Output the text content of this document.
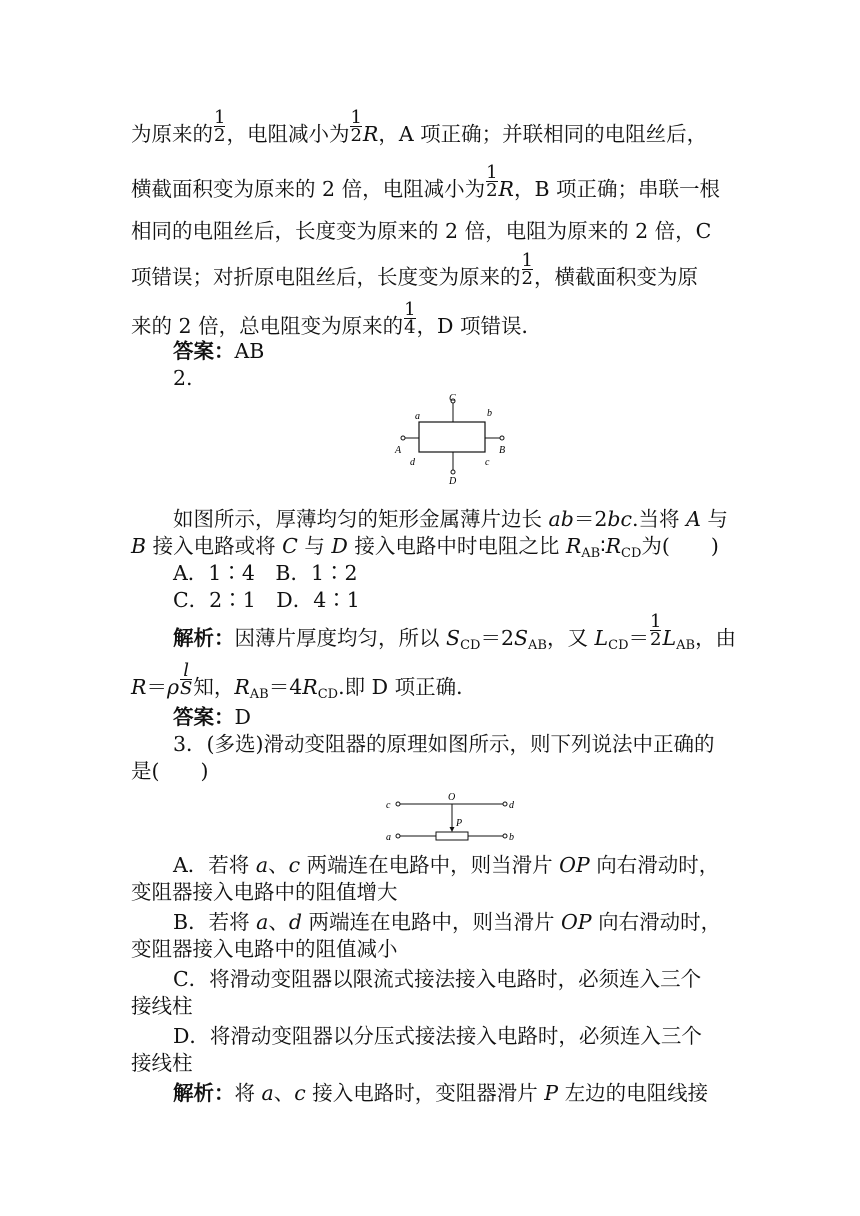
为原来的 $\frac{1}{2}$ ，电阻减小为 $\frac{1}{2}$ R，A 项正确；并联相同的电阻丝后，
横截面积变为原来的 2 倍，电阻减小为 $\frac{1}{2}$ R，B 项正确；串联一根
相同的电阻丝后，长度变为原来的 2 倍，电阻为原来的 2 倍，C
项错误；对折原电阻丝后，长度变为原来的 $\frac{1}{2}$ ，横截面积变为原
来的 2 倍，总电阻变为原来的 $\frac{1}{4}$ ，D 项错误．
答案：AB
2.
C
D
A	B
a	b
c
d
如图所示，厚薄均匀的矩形金属薄片边长 ab＝2bc.当将 A 与
B 接入电路或将 C 与 D 接入电路中时电阻之比 $R_{AB}∶R_{CD}$为(　　)
A．1∶4　B．1∶2
C．2∶1　D．4∶1
解析：因薄片厚度均匀，所以 $S_{CD}=2S_{AB}$，又 $L_{CD}= \frac{1}{2} L_{AB}$，由
$R=\rho \frac{l}{S}$ 知，$R_{AB}=4R_{CD}$.即 D 项正确．
答案：D
3．(多选)滑动变阻器的原理如图所示，则下列说法中正确的
是(　　)
O
P
c	d
a	b
A．若将 a、c 两端连在电路中，则当滑片 OP 向右滑动时，
变阻器接入电路中的阻值增大
B．若将 a、d 两端连在电路中，则当滑片 OP 向右滑动时，
变阻器接入电路中的阻值减小
C．将滑动变阻器以限流式接法接入电路时，必须连入三个
接线柱
D．将滑动变阻器以分压式接法接入电路时，必须连入三个
接线柱
解析：将 a、c 接入电路时，变阻器滑片 P 左边的电阻线接
